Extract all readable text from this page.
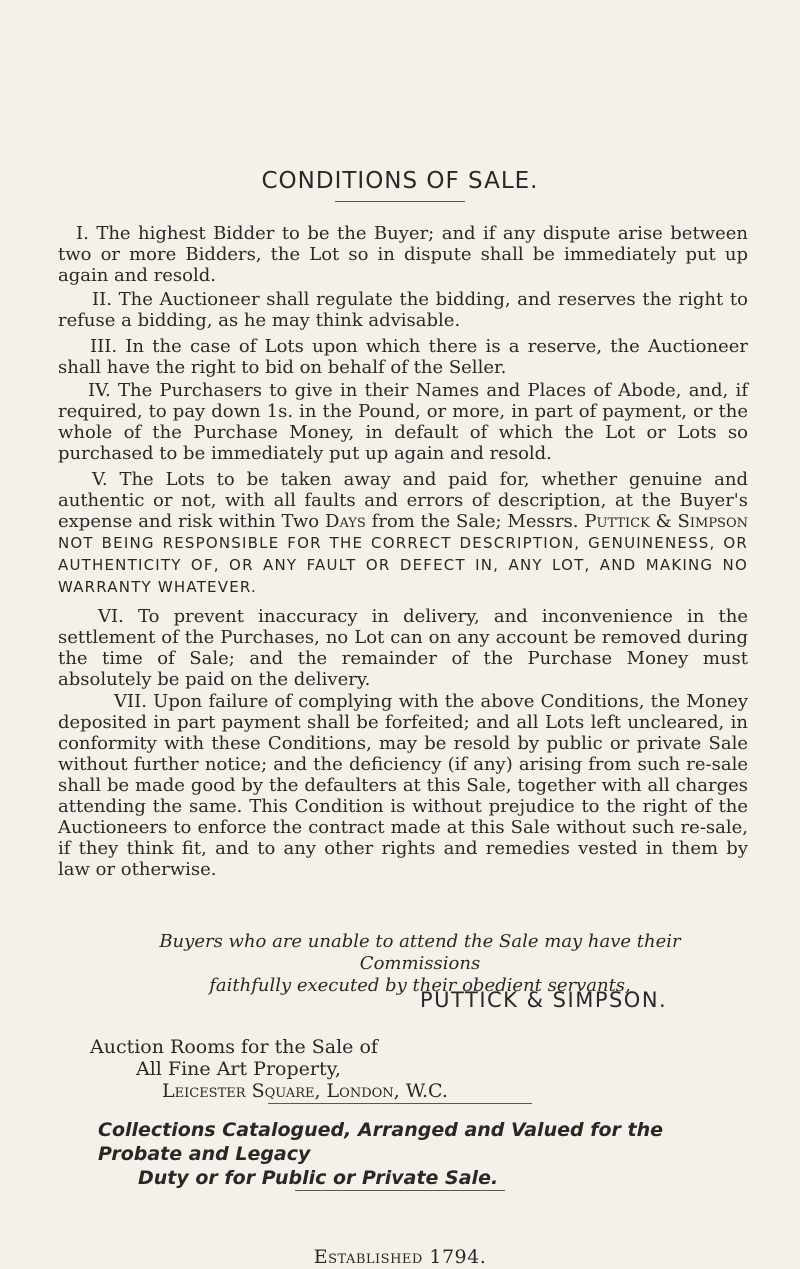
CONDITIONS OF SALE.

I. The highest Bidder to be the Buyer; and if any dispute arise between two or more Bidders, the Lot so in dispute shall be immediately put up again and resold.

II. The Auctioneer shall regulate the bidding, and reserves the right to refuse a bidding, as he may think advisable.

III. In the case of Lots upon which there is a reserve, the Auctioneer shall have the right to bid on behalf of the Seller.

IV. The Purchasers to give in their Names and Places of Abode, and, if required, to pay down 1s. in the Pound, or more, in part of payment, or the whole of the Purchase Money, in default of which the Lot or Lots so purchased to be immediately put up again and resold.

V. The Lots to be taken away and paid for, whether genuine and authentic or not, with all faults and errors of description, at the Buyer's expense and risk within Two Days from the Sale; Messrs. Puttick & Simpson NOT BEING RESPONSIBLE FOR THE CORRECT DESCRIPTION, GENUINENESS, OR AUTHENTICITY OF, OR ANY FAULT OR DEFECT IN, ANY LOT, AND MAKING NO WARRANTY WHATEVER.

VI. To prevent inaccuracy in delivery, and inconvenience in the settlement of the Purchases, no Lot can on any account be removed during the time of Sale; and the remainder of the Purchase Money must absolutely be paid on the delivery.

VII. Upon failure of complying with the above Conditions, the Money deposited in part payment shall be forfeited; and all Lots left uncleared, in conformity with these Conditions, may be resold by public or private Sale without further notice; and the deficiency (if any) arising from such re-sale shall be made good by the defaulters at this Sale, together with all charges attending the same. This Condition is without prejudice to the right of the Auctioneers to enforce the contract made at this Sale without such re-sale, if they think fit, and to any other rights and remedies vested in them by law or otherwise.

Buyers who are unable to attend the Sale may have their Commissions
faithfully executed by their obedient servants,
PUTTICK & SIMPSON.
Auction Rooms for the Sale of
All Fine Art Property,
Leicester Square, London, W.C.
Collections Catalogued, Arranged and Valued for the Probate and Legacy
Duty or for Public or Private Sale.
Established 1794.
